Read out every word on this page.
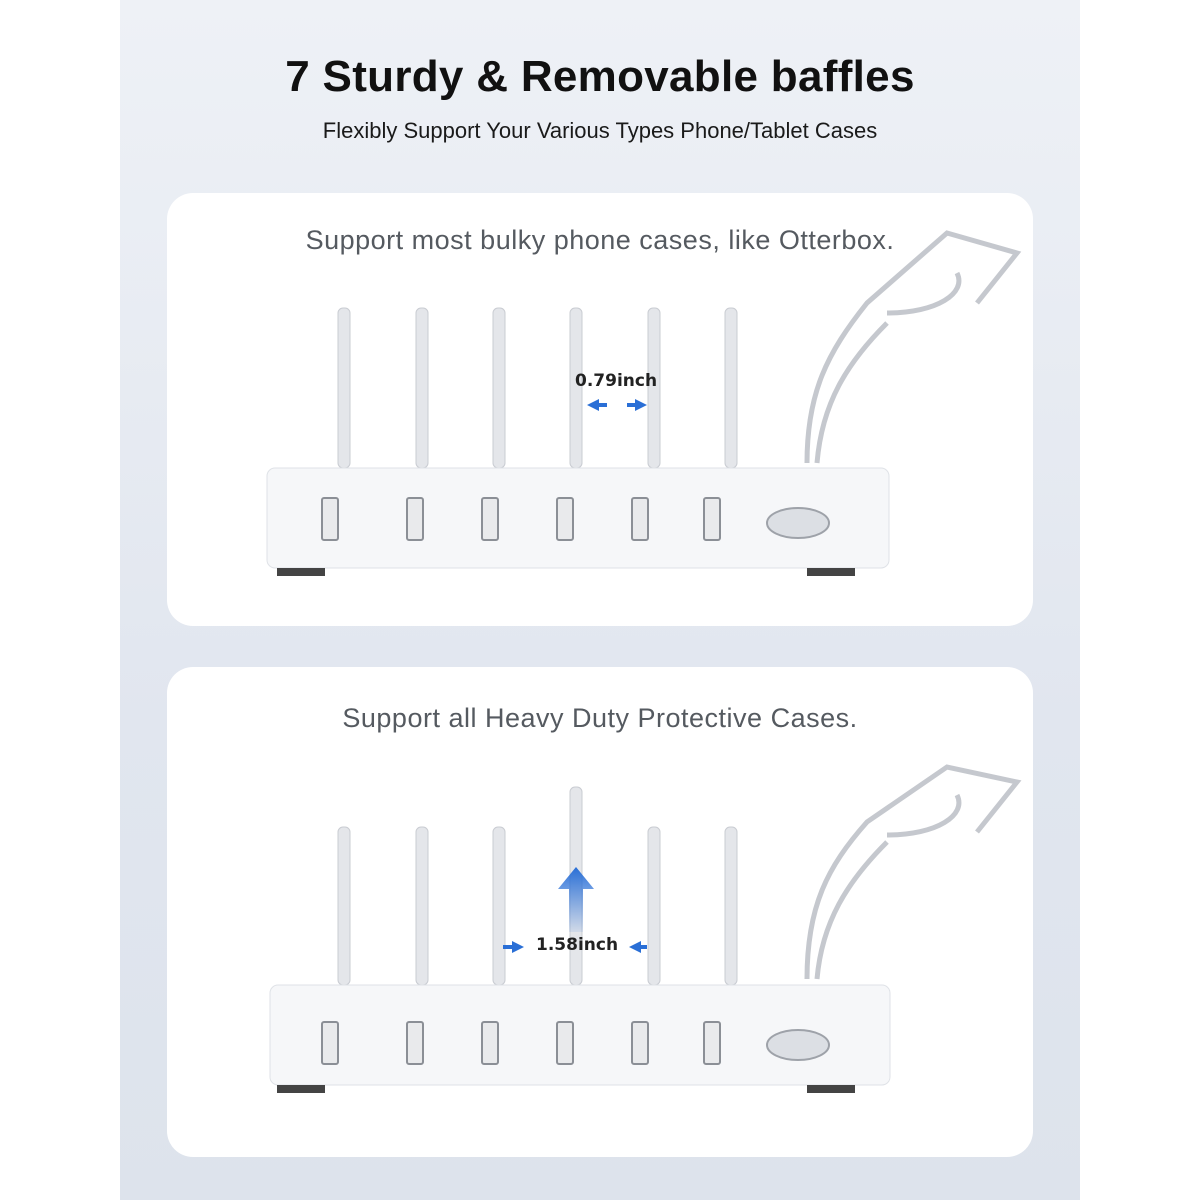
7 Sturdy & Removable baffles
Flexibly Support Your Various Types Phone/Tablet Cases
Support most bulky phone cases, like Otterbox.
0.79inch
Support all Heavy Duty Protective Cases.
1.58inch
